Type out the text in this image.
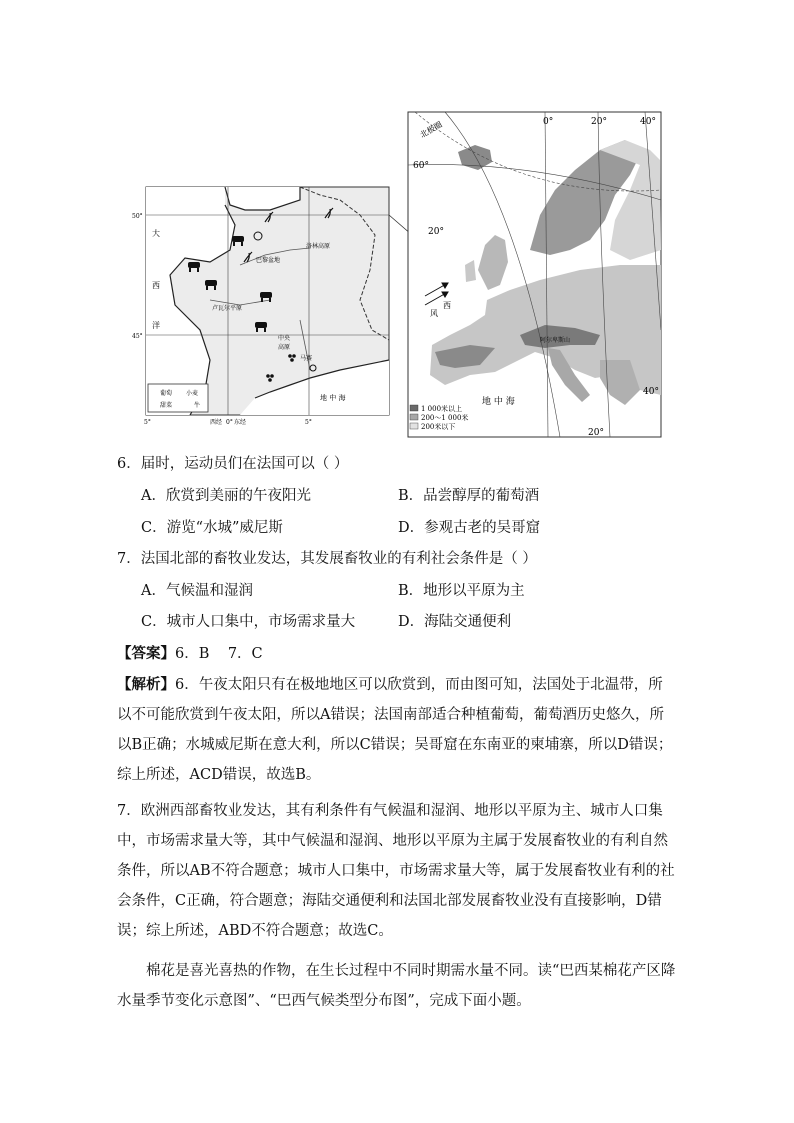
50°
45°
5°	西经 0° 东经	5°
大
西
洋
巴黎盆地
洛林高原
卢瓦尔平原
中央
高原
马赛
地 中 海
葡萄 小麦
甜菜	牛
0°	20°	40°
60°
20°
40°
20°
北极圈
西
风
阿尔卑斯山
地 中 海
1 000米以上
200～1 000米
200米以下
6．届时，运动员们在法国可以（ ）
A．欣赏到美丽的午夜阳光	B．品尝醇厚的葡萄酒
C．游览“水城”威尼斯	D．参观古老的吴哥窟
7．法国北部的畜牧业发达，其发展畜牧业的有利社会条件是（ ）
A．气候温和湿润	B．地形以平原为主
C．城市人口集中，市场需求量大	D．海陆交通便利
【答案】6．B    7．C
【解析】6．午夜太阳只有在极地地区可以欣赏到，而由图可知，法国处于北温带，所以不可能欣赏到午夜太阳，所以A错误；法国南部适合种植葡萄，葡萄酒历史悠久，所以B正确；水城威尼斯在意大利，所以C错误；吴哥窟在东南亚的柬埔寨，所以D错误；综上所述，ACD错误，故选B。
7．欧洲西部畜牧业发达，其有利条件有气候温和湿润、地形以平原为主、城市人口集中，市场需求量大等，其中气候温和湿润、地形以平原为主属于发展畜牧业的有利自然条件，所以AB不符合题意；城市人口集中，市场需求量大等，属于发展畜牧业有利的社会条件，C正确，符合题意；海陆交通便利和法国北部发展畜牧业没有直接影响，D错误；综上所述，ABD不符合题意；故选C。
棉花是喜光喜热的作物，在生长过程中不同时期需水量不同。读“巴西某棉花产区降水量季节变化示意图”、“巴西气候类型分布图”，完成下面小题。
